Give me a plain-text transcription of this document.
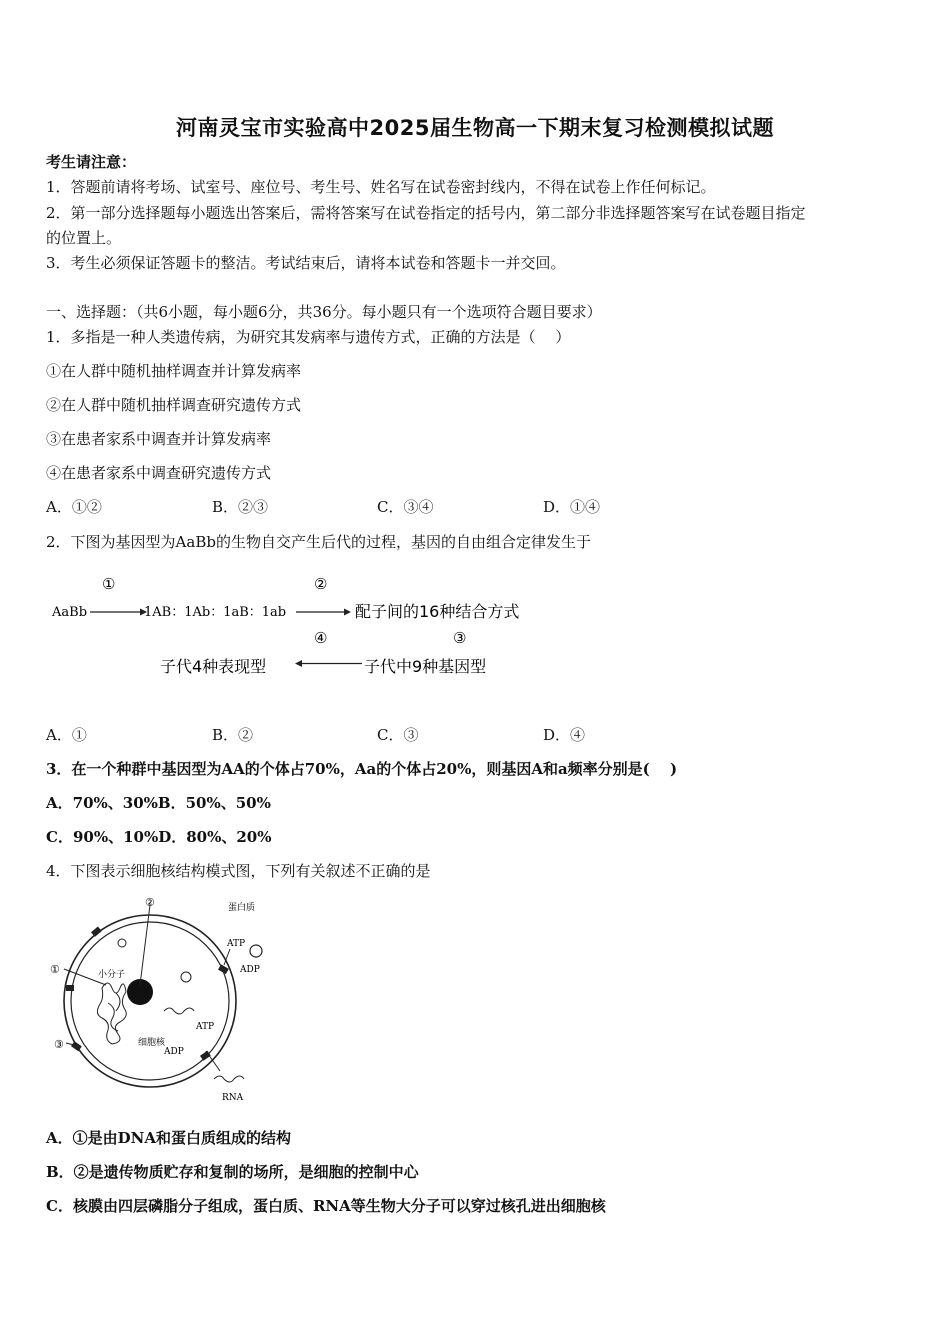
河南灵宝市实验高中2025届生物高一下期末复习检测模拟试题
考生请注意：
1．答题前请将考场、试室号、座位号、考生号、姓名写在试卷密封线内，不得在试卷上作任何标记。
2．第一部分选择题每小题选出答案后，需将答案写在试卷指定的括号内，第二部分非选择题答案写在试卷题目指定
的位置上。
3．考生必须保证答题卡的整洁。考试结束后，请将本试卷和答题卡一并交回。
一、选择题：（共6小题，每小题6分，共36分。每小题只有一个选项符合题目要求）
1．多指是一种人类遗传病，为研究其发病率与遗传方式，正确的方法是（　 ）
①在人群中随机抽样调查并计算发病率
②在人群中随机抽样调查研究遗传方式
③在患者家系中调查并计算发病率
④在患者家系中调查研究遗传方式
A．①②	B．②③	C．③④	D．①④
2．下图为基因型为AaBb的生物自交产生后代的过程，基因的自由组合定律发生于
①	②
AaBb	1AB：1Ab：1aB：1ab	配子间的16种结合方式
④	③
子代4种表现型	子代中9种基因型
A．①	B．②	C．③	D．④
3．在一个种群中基因型为AA的个体占70%，Aa的个体占20%，则基因A和a频率分别是(　 )
A．70%、30%B．50%、50%
C．90%、10%D．80%、20%
4．下图表示细胞核结构模式图，下列有关叙述不正确的是
②
①
③
蛋白质
ATP
ADP
小分子
细胞核
ATP
ADP
RNA
A．①是由DNA和蛋白质组成的结构
B．②是遗传物质贮存和复制的场所，是细胞的控制中心
C．核膜由四层磷脂分子组成，蛋白质、RNA等生物大分子可以穿过核孔进出细胞核
